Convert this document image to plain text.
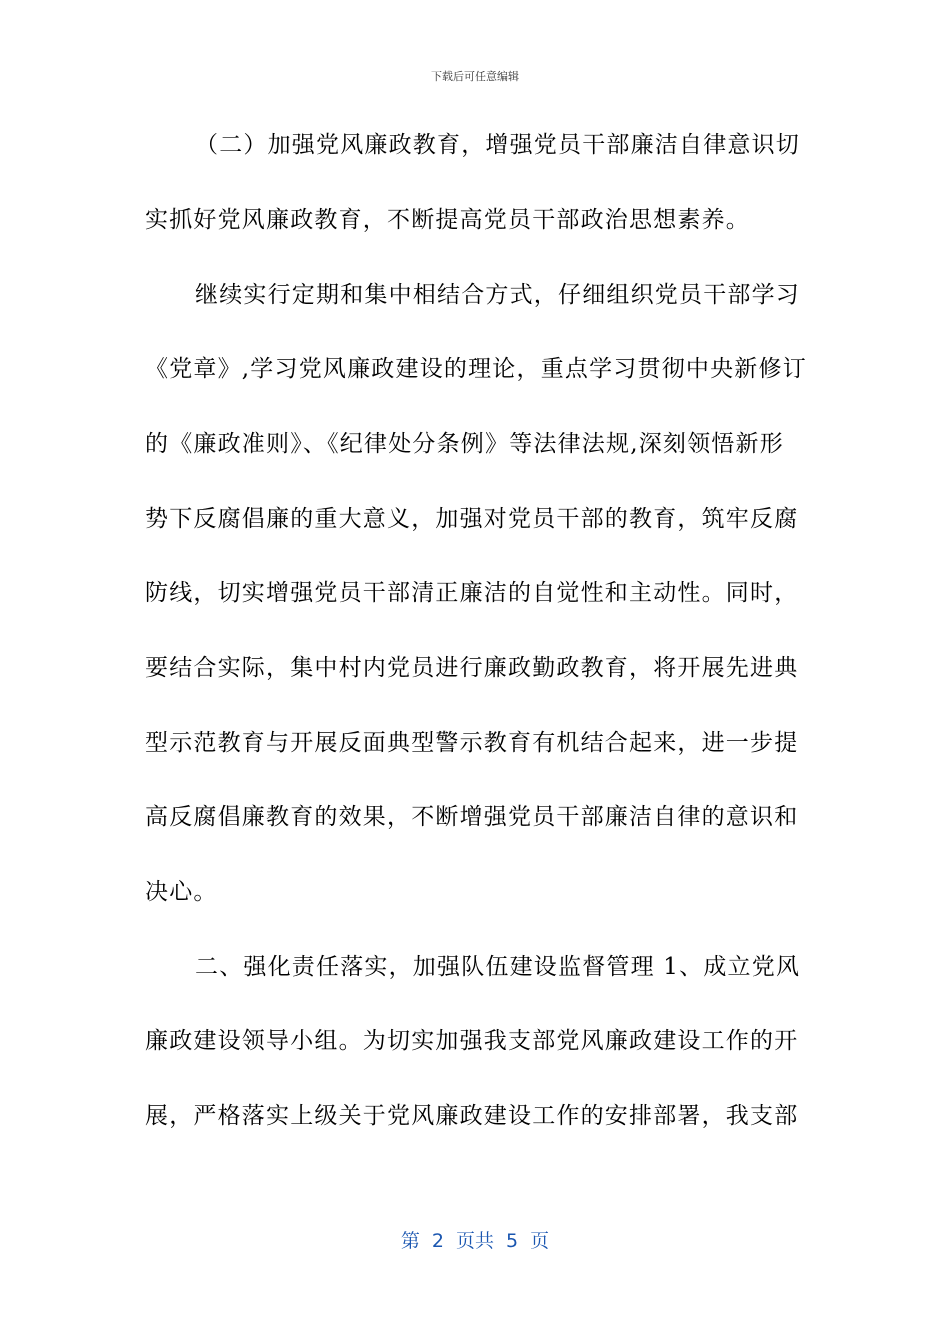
下载后可任意编辑
（二）加强党风廉政教育，增强党员干部廉洁自律意识切
实抓好党风廉政教育，不断提高党员干部政治思想素养。
继续实行定期和集中相结合方式，仔细组织党员干部学习
《党章》,学习党风廉政建设的理论，重点学习贯彻中央新修订
的《廉政准则》、《纪律处分条例》等法律法规,深刻领悟新形
势下反腐倡廉的重大意义，加强对党员干部的教育，筑牢反腐
防线，切实增强党员干部清正廉洁的自觉性和主动性。同时，
要结合实际，集中村内党员进行廉政勤政教育，将开展先进典
型示范教育与开展反面典型警示教育有机结合起来，进一步提
高反腐倡廉教育的效果，不断增强党员干部廉洁自律的意识和
决心。
二、强化责任落实，加强队伍建设监督管理 1、成立党风
廉政建设领导小组。为切实加强我支部党风廉政建设工作的开
展，严格落实上级关于党风廉政建设工作的安排部署，我支部
第 2 页共 5 页
